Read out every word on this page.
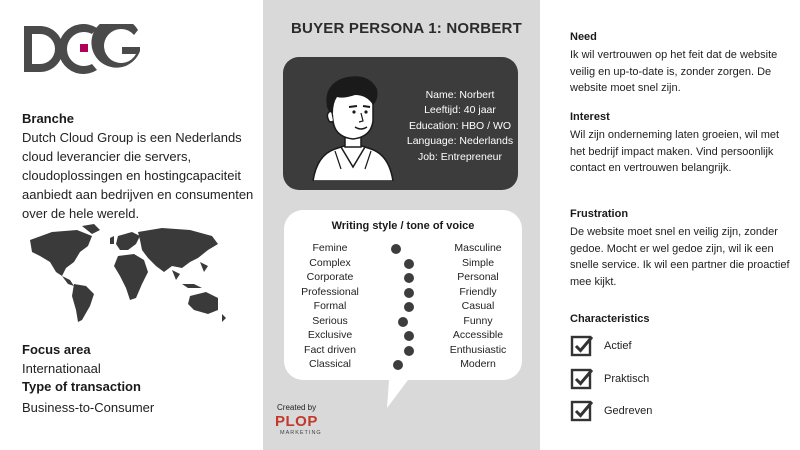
Branche
Dutch Cloud Group is een Nederlands cloud leverancier die servers, cloudoplossingen en hostingcapaciteit aanbiedt aan bedrijven en consumenten over de hele wereld.
Focus area
Internationaal
Type of transaction
Business-to-Consumer
BUYER PERSONA 1: NORBERT
Name: Norbert
Leeftijd: 40 jaar
Education: HBO / WO
Language: Nederlands
Job: Entrepreneur
Writing style / tone of voice
Femine	Masculine
Complex	Simple
Corporate	Personal
Professional	Friendly
Formal	Casual
Serious	Funny
Exclusive	Accessible
Fact driven	Enthusiastic
Classical	Modern
Created by
PLOP
MARKETING
Need
Ik wil vertrouwen op het feit dat de website veilig en up-to-date is, zonder zorgen. De website moet snel zijn.
Interest
Wil zijn onderneming laten groeien, wil met het bedrijf impact maken. Vind persoonlijk contact en vertrouwen belangrijk.
Frustration
De website moet snel en veilig zijn, zonder gedoe. Mocht er wel gedoe zijn, wil ik een snelle service. Ik wil een partner die proactief mee kijkt.
Characteristics
Actief
Praktisch
Gedreven
